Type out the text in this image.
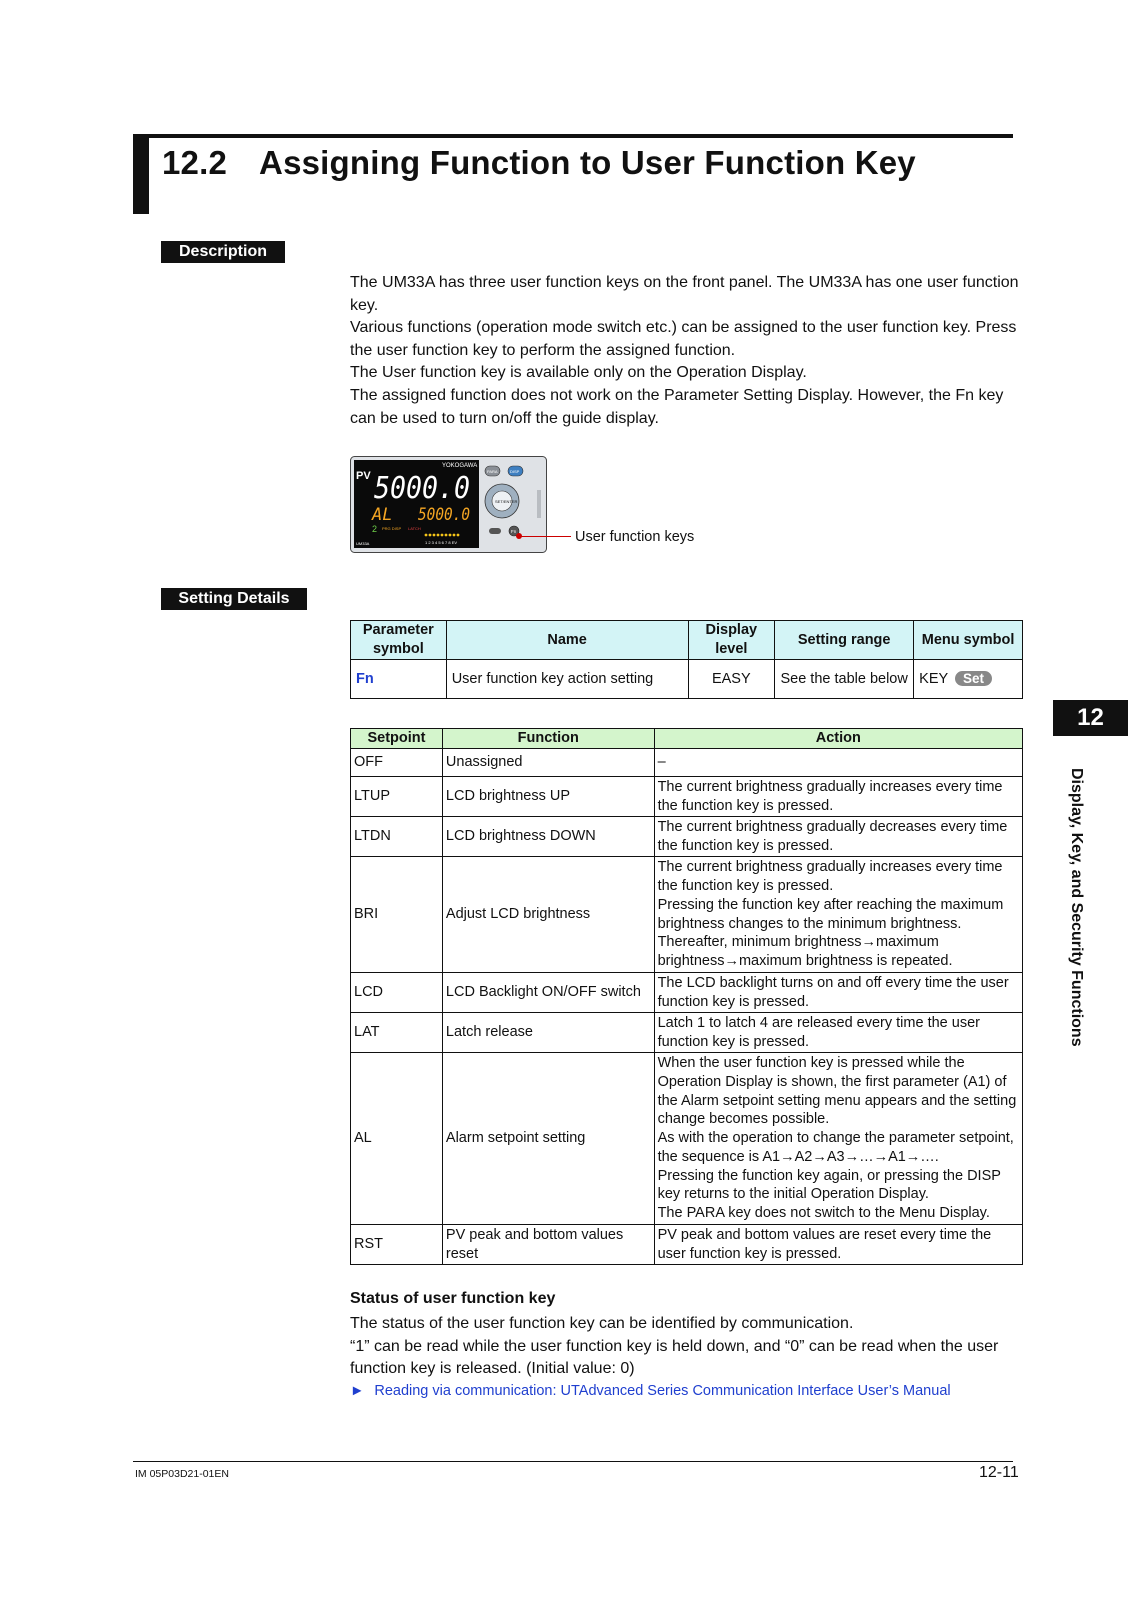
12.2 Assigning Function to User Function Key
Description

The UM33A has three user function keys on the front panel. The UM33A has one user function key.

Various functions (operation mode switch etc.) can be assigned to the user function key. Press the user function key to perform the assigned function.

The User function key is available only on the Operation Display.

The assigned function does not work on the Parameter Setting Display. However, the Fn key can be used to turn on/off the guide display.

YOKOGAWA
PV 5000.0
AL 5000.0
2 PRG DISP LATCH
1 2 3 4 5 6 7 8 EV
UM33A
PARA	DISP
SET/ENTER
Fn	User function keys
Setting Details
Parameter symbol	Name	Display level	Setting range	Menu symbol
Fn	User function key action setting	EASY	See the table below	KEY Set
Setpoint	Function	Action
OFF	Unassigned	–
LTUP	LCD brightness UP	The current brightness gradually increases every time the function key is pressed.
LTDN	LCD brightness DOWN	The current brightness gradually decreases every time the function key is pressed.
BRI	Adjust LCD brightness	The current brightness gradually increases every time the function key is pressed.
Pressing the function key after reaching the maximum brightness changes to the minimum brightness.
Thereafter, minimum brightness→maximum brightness→maximum brightness is repeated.
LCD	LCD Backlight ON/OFF switch	The LCD backlight turns on and off every time the user function key is pressed.
LAT	Latch release	Latch 1 to latch 4 are released every time the user function key is pressed.
AL	Alarm setpoint setting	When the user function key is pressed while the Operation Display is shown, the first parameter (A1) of the Alarm setpoint setting menu appears and the setting change becomes possible.
As with the operation to change the parameter setpoint, the sequence is A1→A2→A3→…→A1→….
Pressing the function key again, or pressing the DISP key returns to the initial Operation Display.
The PARA key does not switch to the Menu Display.
RST	PV peak and bottom values reset	PV peak and bottom values are reset every time the user function key is pressed.
Status of user function key

The status of the user function key can be identified by communication.

“1” can be read while the user function key is held down, and “0” can be read when the user function key is released. (Initial value: 0)

► Reading via communication: UTAdvanced Series Communication Interface User’s Manual
12
Display, Key, and Security Functions
IM 05P03D21-01EN	12-11
